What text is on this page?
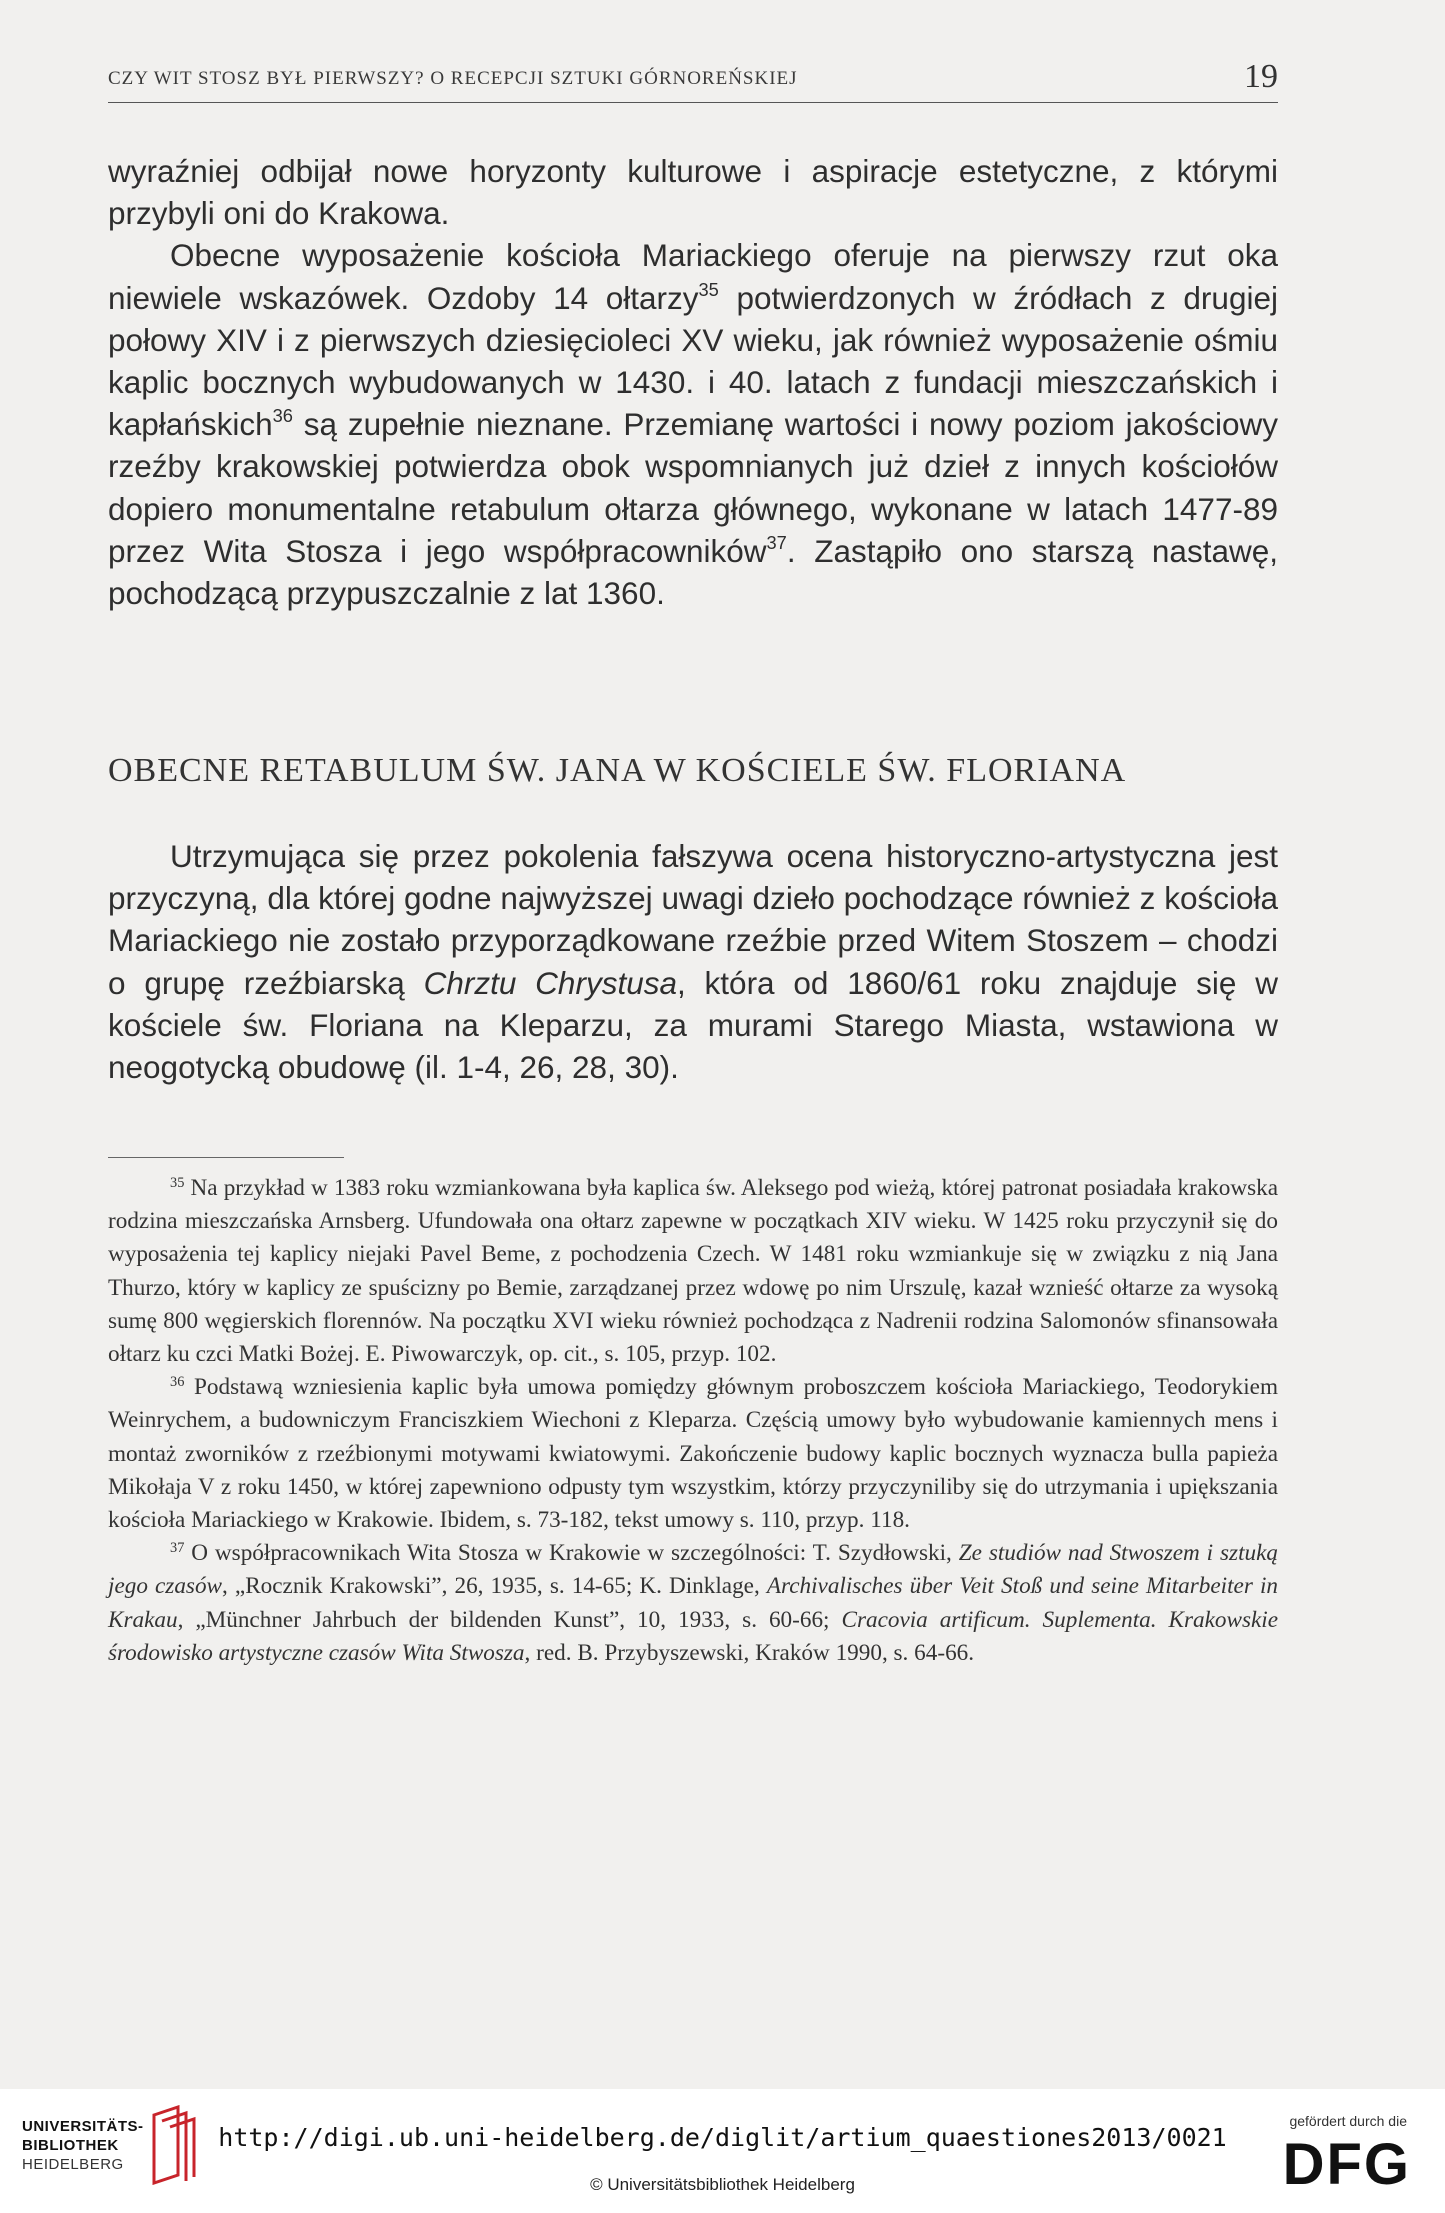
CZY WIT STOSZ BYŁ PIERWSZY? O RECEPCJI SZTUKI GÓRNOREŃSKIEJ	19

wyraźniej odbijał nowe horyzonty kulturowe i aspiracje estetyczne, z którymi przybyli oni do Krakowa.

Obecne wyposażenie kościoła Mariackiego oferuje na pierwszy rzut oka niewiele wskazówek. Ozdoby 14 ołtarzy$^{35}$ potwierdzonych w źródłach z drugiej połowy XIV i z pierwszych dziesięcioleci XV wieku, jak również wyposażenie ośmiu kaplic bocznych wybudowanych w 1430. i 40. latach z fundacji mieszczańskich i kapłańskich$^{36}$ są zupełnie nieznane. Przemianę wartości i nowy poziom jakościowy rzeźby krakowskiej potwierdza obok wspomnianych już dzieł z innych kościołów dopiero monumentalne retabulum ołtarza głównego, wykonane w latach 1477-89 przez Wita Stosza i jego współpracowników$^{37}$. Zastąpiło ono starszą nastawę, pochodzącą przypuszczalnie z lat 1360.

OBECNE RETABULUM ŚW. JANA W KOŚCIELE ŚW. FLORIANA

Utrzymująca się przez pokolenia fałszywa ocena historyczno-artystyczna jest przyczyną, dla której godne najwyższej uwagi dzieło pochodzące również z kościoła Mariackiego nie zostało przyporządkowane rzeźbie przed Witem Stoszem – chodzi o grupę rzeźbiarską Chrztu Chrystusa, która od 1860/61 roku znajduje się w kościele św. Floriana na Kleparzu, za murami Starego Miasta, wstawiona w neogotycką obudowę (il. 1-4, 26, 28, 30).

$^{35}$ Na przykład w 1383 roku wzmiankowana była kaplica św. Aleksego pod wieżą, której patronat posiadała krakowska rodzina mieszczańska Arnsberg. Ufundowała ona ołtarz zapewne w początkach XIV wieku. W 1425 roku przyczynił się do wyposażenia tej kaplicy niejaki Pavel Beme, z pochodzenia Czech. W 1481 roku wzmiankuje się w związku z nią Jana Thurzo, który w kaplicy ze spuścizny po Bemie, zarządzanej przez wdowę po nim Urszulę, kazał wznieść ołtarze za wysoką sumę 800 węgierskich florennów. Na początku XVI wieku również pochodząca z Nadrenii rodzina Salomonów sfinansowała ołtarz ku czci Matki Bożej. E. Piwowarczyk, op. cit., s. 105, przyp. 102.

$^{36}$ Podstawą wzniesienia kaplic była umowa pomiędzy głównym proboszczem kościoła Mariackiego, Teodorykiem Weinrychem, a budowniczym Franciszkiem Wiechoni z Kleparza. Częścią umowy było wybudowanie kamiennych mens i montaż zworników z rzeźbionymi motywami kwiatowymi. Zakończenie budowy kaplic bocznych wyznacza bulla papieża Mikołaja V z roku 1450, w której zapewniono odpusty tym wszystkim, którzy przyczyniliby się do utrzymania i upiększania kościoła Mariackiego w Krakowie. Ibidem, s. 73-182, tekst umowy s. 110, przyp. 118.

$^{37}$ O współpracownikach Wita Stosza w Krakowie w szczególności: T. Szydłowski, Ze studiów nad Stwoszem i sztuką jego czasów, „Rocznik Krakowski”, 26, 1935, s. 14-65; K. Dinklage, Archivalisches über Veit Stoß und seine Mitarbeiter in Krakau, „Münchner Jahrbuch der bildenden Kunst”, 10, 1933, s. 60-66; Cracovia artificum. Suplementa. Krakowskie środowisko artystyczne czasów Wita Stwosza, red. B. Przybyszewski, Kraków 1990, s. 64-66.

UNIVERSITÄTS-
BIBLIOTHEK
HEIDELBERG
http://digi.ub.uni-heidelberg.de/diglit/artium_quaestiones2013/0021
© Universitätsbibliothek Heidelberg
gefördert durch die
DFG
